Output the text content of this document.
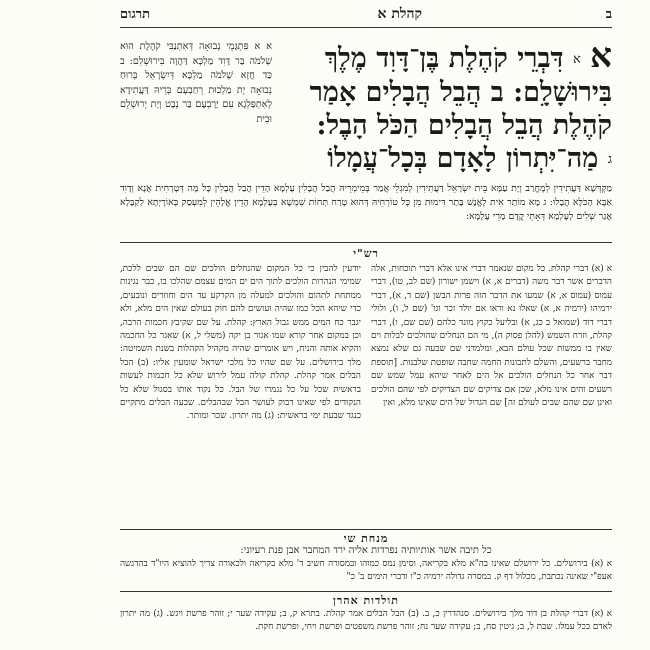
ב
קהלת א
תרגום
א א דִּבְרֵי קֹהֶלֶת בֶּן־דָּוִד מֶלֶךְ
בִּירוּשָׁלִָם: ב הֲבֵל הֲבָלִים אָמַר
קֹהֶלֶת הֲבֵל הֲבָלִים הַכֹּל הָבֶל:
ג מַה־יִּתְרוֹן לָאָדָם בְּכָל־עֲמָלוֹ
א א פִּתְגָּמֵי נְבוּאָה דְּאִתְנַבִּי קֹהֶלֶת הוּא שְׁלֹמֹה בַּר דָּוִד מַלְכָּא דַּהֲוָה בִּירוּשְׁלֵם: ב כַּד חֲזָא שְׁלֹמֹה מַלְכָּא דְּיִשְׂרָאֵל בְּרוּחַ נְבוּאָה יָת מַלְכוּת רְחַבְעָם בְּרֵיהּ דַּעֲתִידָא לְאִתְפַּלְגָא עִם יָרָבְעָם בַּר נְבָט וְיָת יְרוּשְׁלֵם וּבֵית
מַקְדְּשָׁא דַּעֲתִידִין לְמֶחֱרַב וְיָת עַמָּא בֵּית יִשְׂרָאֵל דַּעֲתִידִין לְמִגְלֵי אֲמַר בְּמֵימְרֵיהּ הֲבַל הֲבָלִין עָלְמָא הָדֵין הֲבַל הֲבָלִין כָּל מָה דְּטָרְחִית אֲנָא וְדָוִד אַבָּא הָכֹּלָּא הֲבָלוּ: ג מָא מוֹתַר אִית לֶאֱנָשׁ בָּתַר דִּימוּת מִן כָּל טוֹרְחֵיהּ דְּהוּא טָרַח תְּחוֹת שִׁמְשָׁא בְּעָלְמָא הָדֵין אֱלָהֵין לְמִעְסַק בְּאוֹרָיְתָא לְקַבָּלָא אֲגַר שְׁלִים לְעָלְמָא דְּאָתֵי קֳדָם מָרֵי עָלְמָא:
רש"י
א (א) דברי קהלת. כל מקום שנאמר דברי אינו אלא דברי תוכחות, אלה הדברים אשר דבר משה (דברים א, א) וישמן ישורון (שם לב, טו), דברי עמוס (עמוס א, א) שמעו את הדבר הזה פרות הבשן (שם ד, א), דברי ירמיהו (ירמיה א, א) שאלו נא וראו אם יולד זכר וגו' (שם ל, ו), ולולי דברי דוד (שמואל ב כג, א) ובליעל כקוץ מונד כלהם (שם שם, ו), דברי קהלת, וזרח השמש (להלן פסוק ה), מי הם הנחלים שהולכים לבלות וים שאין בו ממשות שכל עולם הבא, ומלמדני שם שבעה גם שלא נמצא מחבר ברשעים, והשלם לתבונות החמה שחבה שופטת שלבנות. [תוספת דבר אחר כל הנחלים הולכים אל הים לאחר שיהא עמל שמש שם רשעים והים אינו מלא, שכן אם צדיקים שם הצדיקים לפי שהם הולכים ואינן שם שהם שבים לעולם זה] שם הגדול של הים שאינו מלא, ואין
יודעין להבין כי כל המקום שהנחלים הולכים שם הם שבים ללכת, שמימי הנהרות הולכים לתוך הים ים המים עצמם שהלכו בו, כבר נגינות ממתחת לתהום והולכים למעלה מן הקרקע עד הים וחוזרים ונובעים, כדי שיהא הכל כמו שהיה ועושים להם חוק בעולם שאין הים מלא, ולא יגבר כח המים ממש גבול הארץ: קהלת. על שם שקיבץ חכמות הרבה, וכן במקום אחר קורא שמו אגור בן יקה (משלי ל, א) שאגר כל החכמה והקיא אותה והניח, ויש אומרים שהיה מקהיל הקהלות בשנת השמיטה: מלך בירושלים. על שם שהיו כל מלכי ישראל שומעין אליו: (ב) הבל הבלים אמר קהלת. קהלת קולה עמל לירוש שלא כל חכמות לעשות בראשית שכל על כל נגמרו של הבל. כל נקוד אותו בסגול שלא כל הנקודים לפי שאינו דבוק לעושר הבל שבהבלים. שבעה הבלים מתקיים כנגד שבעת ימי בראשית: (ג) מה יתרון. שכר ומותר.
מנחת שי
כל תיבה אשר אותיותיה נפרדות אליה ירד המחבר אבן פנת רעיוני:
א (א) בירושלים. כל ירושלם שאינו בה"א מלא בקריאה, וסימן נמס כמוהו ובמסורה חשיב ד' מלא בקריאה ולכאורה צריך להוציא היו"ד בהדגשה אעפ"י שאינה נכתבת, מכלול דף ק. במסרה גדולה ירמיה כ"ו ודברי הימים ב' כ"
תולדות אהרן
א (א) דברי קהלת בן דוד מלך בירושלים. סנהדרין כ, ב. (ב) הבל הבלים אמר קהלת. בתרא ק, ב; עקידה שער י; זוהר פרשת ויגש. (ג) מה יתרון לאדם בכל עמלו. שבת ל, ב; גיטין סח, ב; עקידה שער נח; זוהר פרשת משפטים ופרשת ויחי, ופרשת חקת.
